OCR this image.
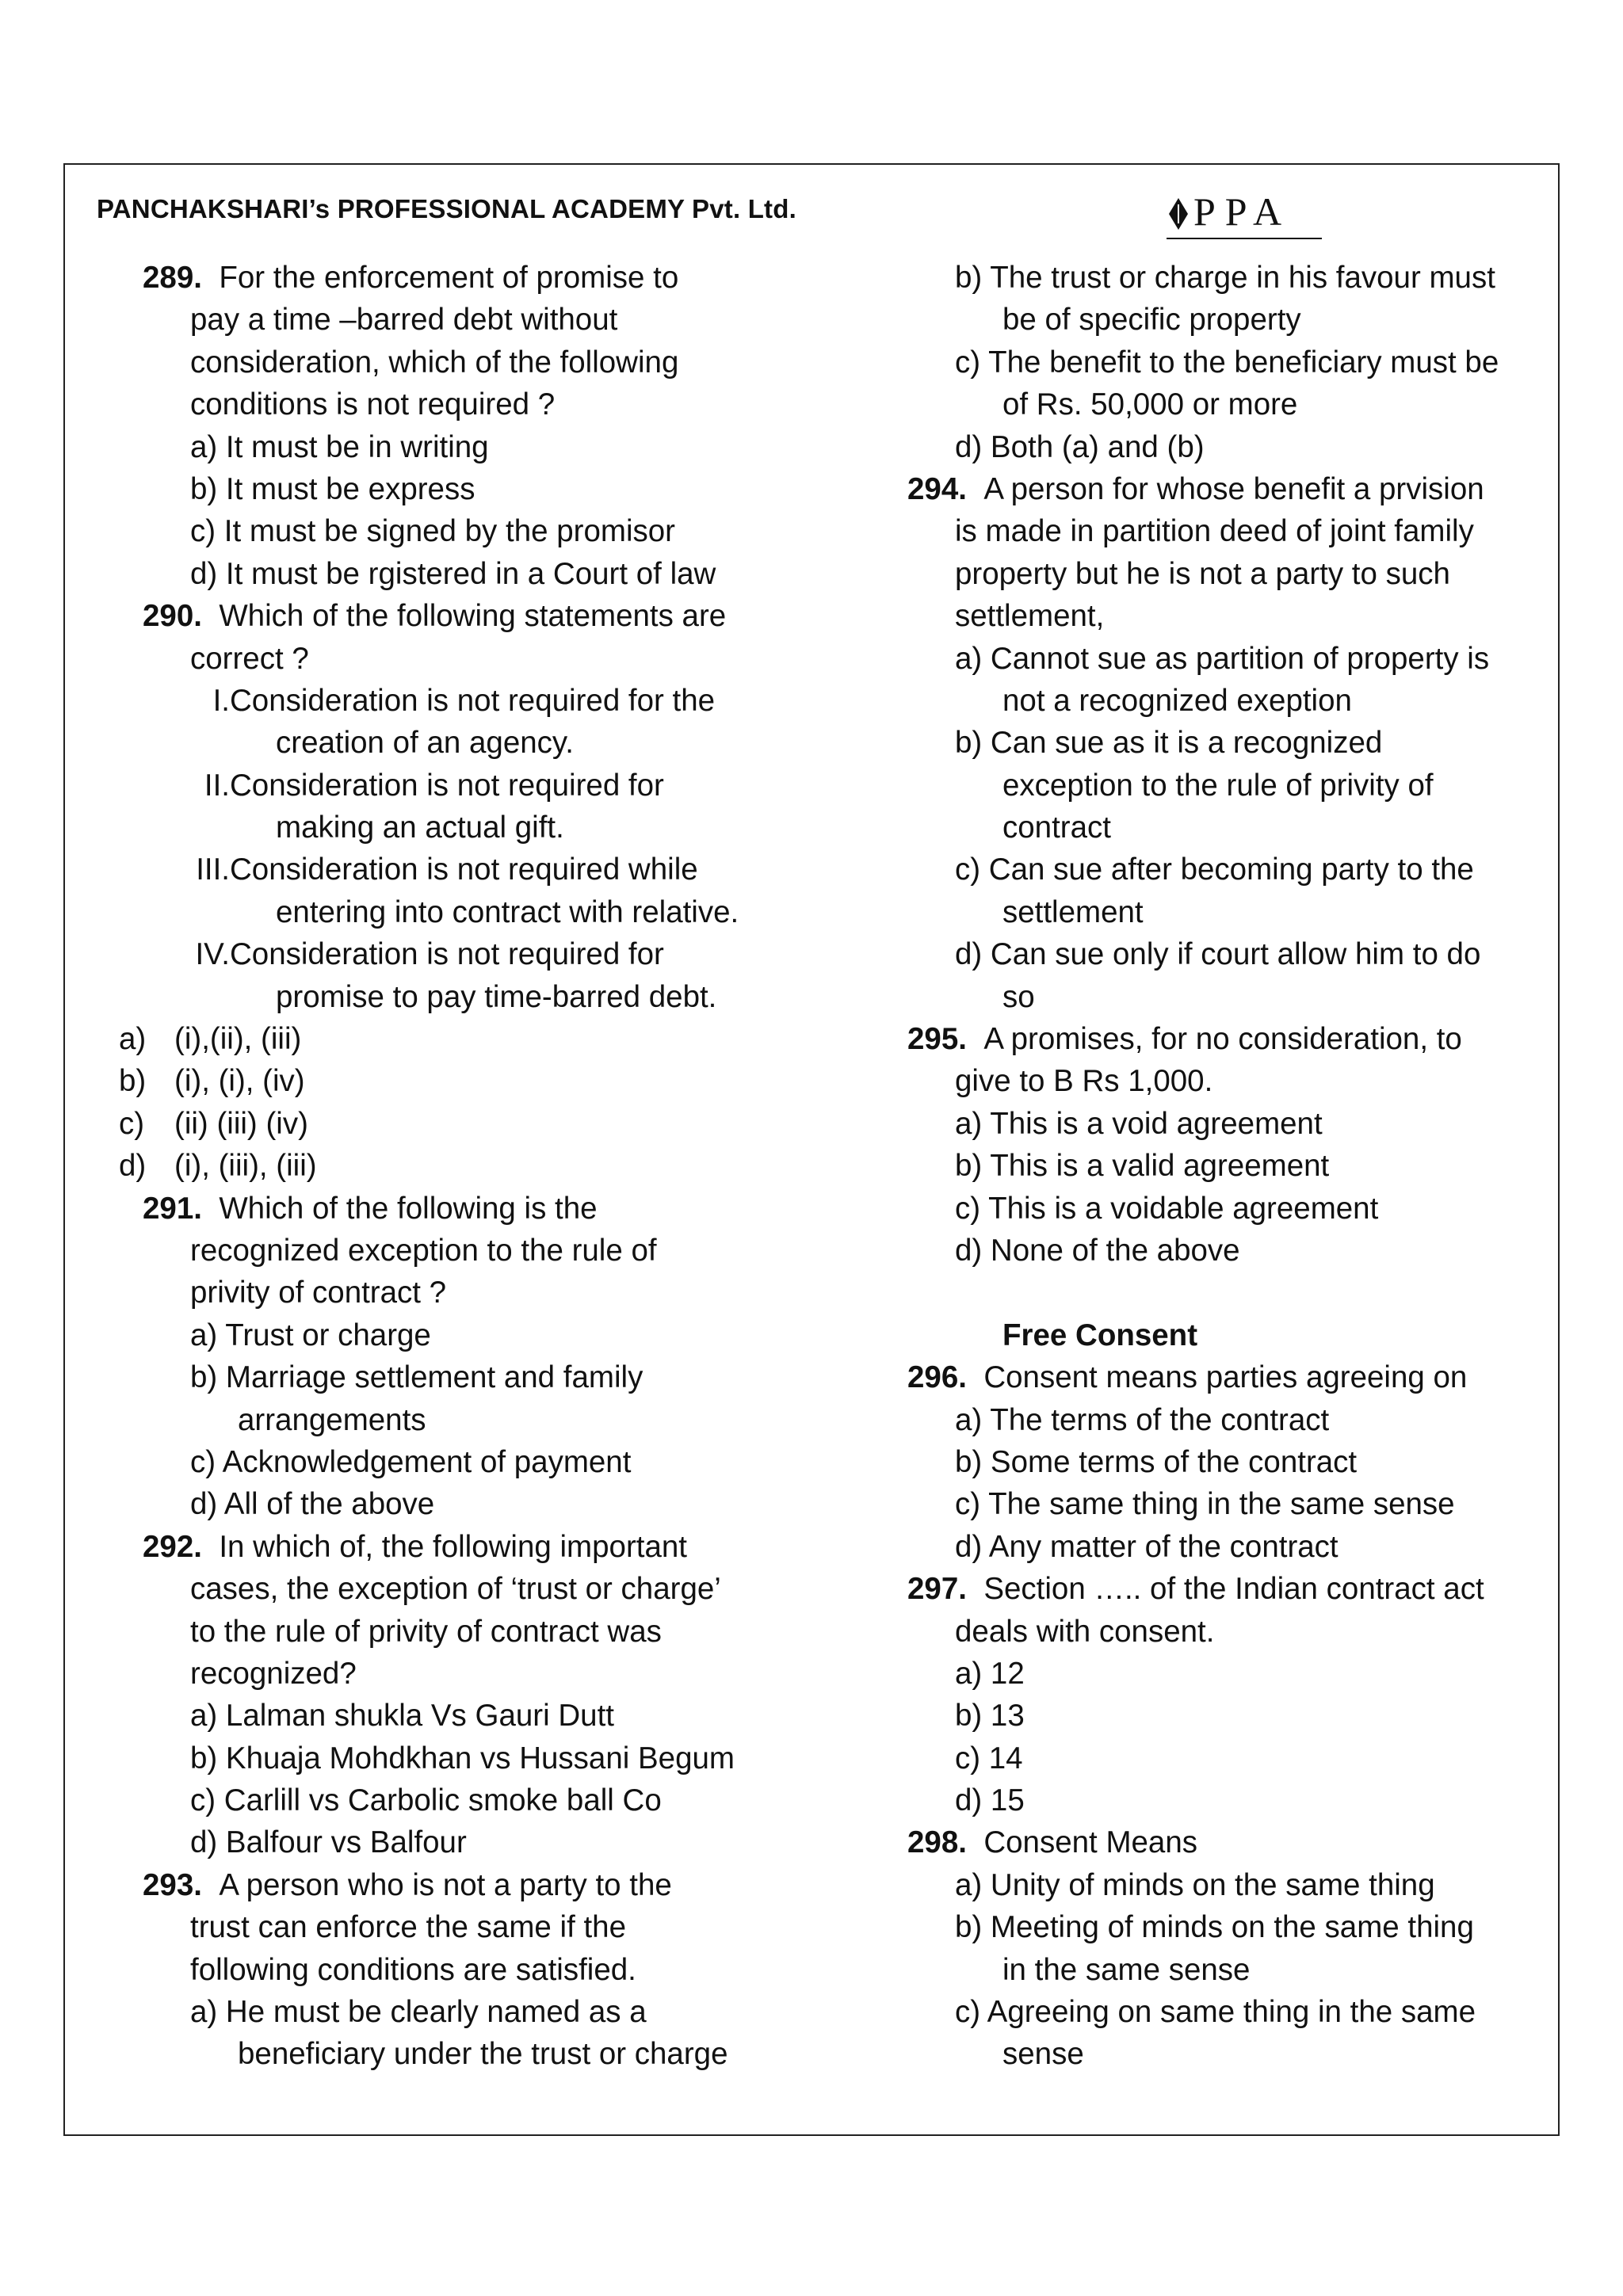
PANCHAKSHARI’s PROFESSIONAL ACADEMY Pvt. Ltd.	PPA
289. For the enforcement of promise to
pay a time –barred debt without
consideration, which of the following
conditions is not required ?
a) It must be in writing
b) It must be express
c) It must be signed by the promisor
d) It must be rgistered in a Court of law
290. Which of the following statements are
correct ?
I.Consideration is not required for the
creation of an agency.
II.Consideration is not required for
making an actual gift.
III.Consideration is not required while
entering into contract with relative.
IV.Consideration is not required for
promise to pay time-barred debt.
a) (i),(ii), (iii)
b) (i), (i), (iv)
c) (ii) (iii) (iv)
d) (i), (iii), (iii)
291. Which of the following is the
recognized exception to the rule of
privity of contract ?
a) Trust or charge
b) Marriage settlement and family
arrangements
c) Acknowledgement of payment
d) All of the above
292. In which of, the following important
cases, the exception of ‘trust or charge’
to the rule of privity of contract was
recognized?
a) Lalman shukla Vs Gauri Dutt
b) Khuaja Mohdkhan vs Hussani Begum
c) Carlill vs Carbolic smoke ball Co
d) Balfour vs Balfour
293. A person who is not a party to the
trust can enforce the same if the
following conditions are satisfied.
a) He must be clearly named as a
beneficiary under the trust or charge
b) The trust or charge in his favour must
be of specific property
c) The benefit to the beneficiary must be
of Rs. 50,000 or more
d) Both (a) and (b)
294. A person for whose benefit a prvision
is made in partition deed of joint family
property but he is not a party to such
settlement,
a) Cannot sue as partition of property is
not a recognized exeption
b) Can sue as it is a recognized
exception to the rule of privity of
contract
c) Can sue after becoming party to the
settlement
d) Can sue only if court allow him to do
so
295. A promises, for no consideration, to
give to B Rs 1,000.
a) This is a void agreement
b) This is a valid agreement
c) This is a voidable agreement
d) None of the above
Free Consent
296. Consent means parties agreeing on
a) The terms of the contract
b) Some terms of the contract
c) The same thing in the same sense
d) Any matter of the contract
297. Section ….. of the Indian contract act
deals with consent.
a) 12
b) 13
c) 14
d) 15
298. Consent Means
a) Unity of minds on the same thing
b) Meeting of minds on the same thing
in the same sense
c) Agreeing on same thing in the same
sense
